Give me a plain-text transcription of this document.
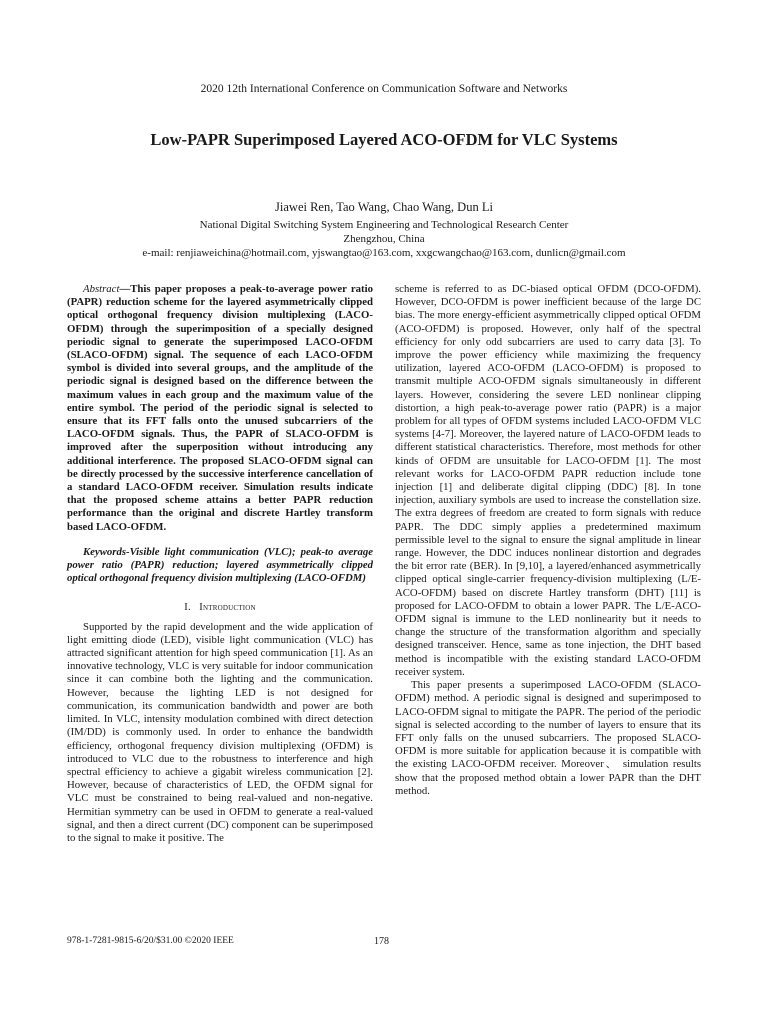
2020 12th International Conference on Communication Software and Networks
Low-PAPR Superimposed Layered ACO-OFDM for VLC Systems
Jiawei Ren, Tao Wang, Chao Wang, Dun Li
National Digital Switching System Engineering and Technological Research Center
Zhengzhou, China
e-mail: renjiaweichina@hotmail.com, yjswangtao@163.com, xxgcwangchao@163.com, dunlicn@gmail.com

Abstract—This paper proposes a peak-to-average power ratio (PAPR) reduction scheme for the layered asymmetrically clipped optical orthogonal frequency division multiplexing (LACO-OFDM) through the superimposition of a specially designed periodic signal to generate the superimposed LACO-OFDM (SLACO-OFDM) signal. The sequence of each LACO-OFDM symbol is divided into several groups, and the amplitude of the periodic signal is designed based on the difference between the maximum values in each group and the maximum value of the entire symbol. The period of the periodic signal is selected to ensure that its FFT falls onto the unused subcarriers of the LACO-OFDM signals. Thus, the PAPR of SLACO-OFDM is improved after the superposition without introducing any additional interference. The proposed SLACO-OFDM signal can be directly processed by the successive interference cancellation of a standard LACO-OFDM receiver. Simulation results indicate that the proposed scheme attains a better PAPR reduction performance than the original and discrete Hartley transform based LACO-OFDM.

Keywords-Visible light communication (VLC); peak-to average power ratio (PAPR) reduction; layered asymmetrically clipped optical orthogonal frequency division multiplexing (LACO-OFDM)

I. Introduction

Supported by the rapid development and the wide application of light emitting diode (LED), visible light communication (VLC) has attracted significant attention for high speed communication [1]. As an innovative technology, VLC is very suitable for indoor communication since it can combine both the lighting and the communication. However, because the lighting LED is not designed for communication, its communication bandwidth and power are both limited. In VLC, intensity modulation combined with direct detection (IM/DD) is commonly used. In order to enhance the bandwidth efficiency, orthogonal frequency division multiplexing (OFDM) is introduced to VLC due to the robustness to interference and high spectral efficiency to achieve a gigabit wireless communication [2]. However, because of characteristics of LED, the OFDM signal for VLC must be constrained to being real-valued and non-negative. Hermitian symmetry can be used in OFDM to generate a real-valued signal, and then a direct current (DC) component can be superimposed to the signal to make it positive. The

scheme is referred to as DC-biased optical OFDM (DCO-OFDM). However, DCO-OFDM is power inefficient because of the large DC bias. The more energy-efficient asymmetrically clipped optical OFDM (ACO-OFDM) is proposed. However, only half of the spectral efficiency for only odd subcarriers are used to carry data [3]. To improve the power efficiency while maximizing the frequency utilization, layered ACO-OFDM (LACO-OFDM) is proposed to transmit multiple ACO-OFDM signals simultaneously in different layers. However, considering the severe LED nonlinear clipping distortion, a high peak-to-average power ratio (PAPR) is a major problem for all types of OFDM systems included LACO-OFDM VLC systems [4-7]. Moreover, the layered nature of LACO-OFDM leads to different statistical characteristics. Therefore, most methods for other kinds of OFDM are unsuitable for LACO-OFDM [1]. The most relevant works for LACO-OFDM PAPR reduction include tone injection [1] and deliberate digital clipping (DDC) [8]. In tone injection, auxiliary symbols are used to increase the constellation size. The extra degrees of freedom are created to form signals with reduce PAPR. The DDC simply applies a predetermined maximum permissible level to the signal to ensure the signal amplitude in linear range. However, the DDC induces nonlinear distortion and degrades the bit error rate (BER). In [9,10], a layered/enhanced asymmetrically clipped optical single-carrier frequency-division multiplexing (L/E-ACO-OFDM) based on discrete Hartley transform (DHT) [11] is proposed for LACO-OFDM to obtain a lower PAPR. The L/E-ACO-OFDM signal is immune to the LED nonlinearity but it needs to change the structure of the transformation algorithm and specially designed transceiver. Hence, same as tone injection, the DHT based method is incompatible with the existing standard LACO-OFDM receiver system.

This paper presents a superimposed LACO-OFDM (SLACO-OFDM) method. A periodic signal is designed and superimposed to LACO-OFDM signal to mitigate the PAPR. The period of the periodic signal is selected according to the number of layers to ensure that its FFT only falls on the unused subcarriers. The proposed SLACO-OFDM is more suitable for application because it is compatible with the existing LACO-OFDM receiver. Moreover、 simulation results show that the proposed method obtain a lower PAPR than the DHT method.

978-1-7281-9815-6/20/$31.00 ©2020 IEEE	178
